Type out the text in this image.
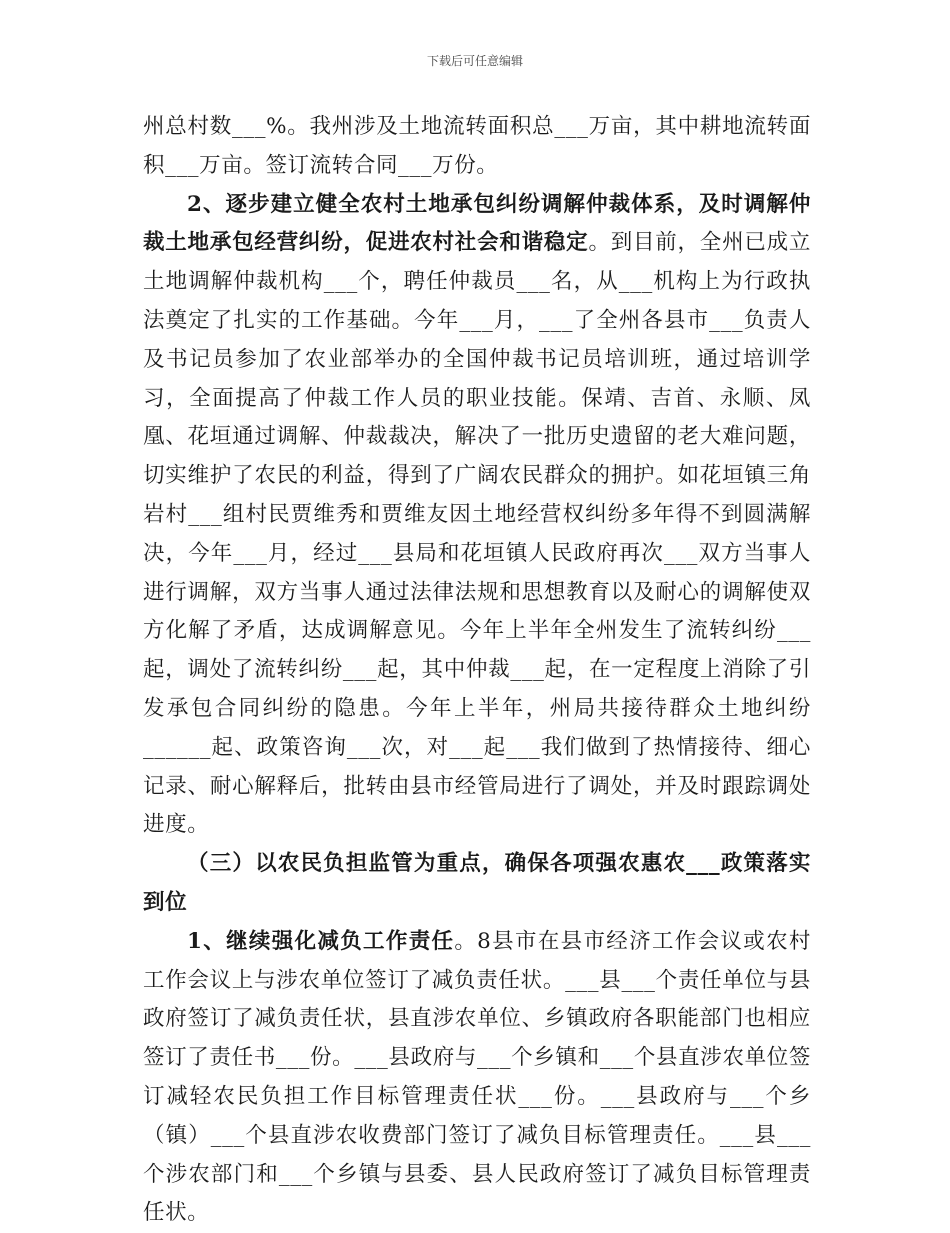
下载后可任意编辑

州总村数___%。我州涉及土地流转面积总___万亩，其中耕地流转面积___万亩。签订流转合同___万份。

2、逐步建立健全农村土地承包纠纷调解仲裁体系，及时调解仲裁土地承包经营纠纷，促进农村社会和谐稳定。到目前，全州已成立土地调解仲裁机构___个，聘任仲裁员___名，从___机构上为行政执法奠定了扎实的工作基础。今年___月，___了全州各县市___负责人及书记员参加了农业部举办的全国仲裁书记员培训班，通过培训学习，全面提高了仲裁工作人员的职业技能。保靖、吉首、永顺、凤凰、花垣通过调解、仲裁裁决，解决了一批历史遗留的老大难问题，切实维护了农民的利益，得到了广阔农民群众的拥护。如花垣镇三角岩村___组村民贾维秀和贾维友因土地经营权纠纷多年得不到圆满解决，今年___月，经过___县局和花垣镇人民政府再次___双方当事人进行调解，双方当事人通过法律法规和思想教育以及耐心的调解使双方化解了矛盾，达成调解意见。今年上半年全州发生了流转纠纷___起，调处了流转纠纷___起，其中仲裁___起，在一定程度上消除了引发承包合同纠纷的隐患。今年上半年，州局共接待群众土地纠纷______起、政策咨询___次，对___起___我们做到了热情接待、细心记录、耐心解释后，批转由县市经管局进行了调处，并及时跟踪调处进度。

（三）以农民负担监管为重点，确保各项强农惠农___政策落实到位

1、继续强化减负工作责任。8县市在县市经济工作会议或农村工作会议上与涉农单位签订了减负责任状。___县___个责任单位与县政府签订了减负责任状，县直涉农单位、乡镇政府各职能部门也相应签订了责任书___份。___县政府与___个乡镇和___个县直涉农单位签订减轻农民负担工作目标管理责任状___份。___县政府与___个乡（镇）___个县直涉农收费部门签订了减负目标管理责任。___县___个涉农部门和___个乡镇与县委、县人民政府签订了减负目标管理责任状。
